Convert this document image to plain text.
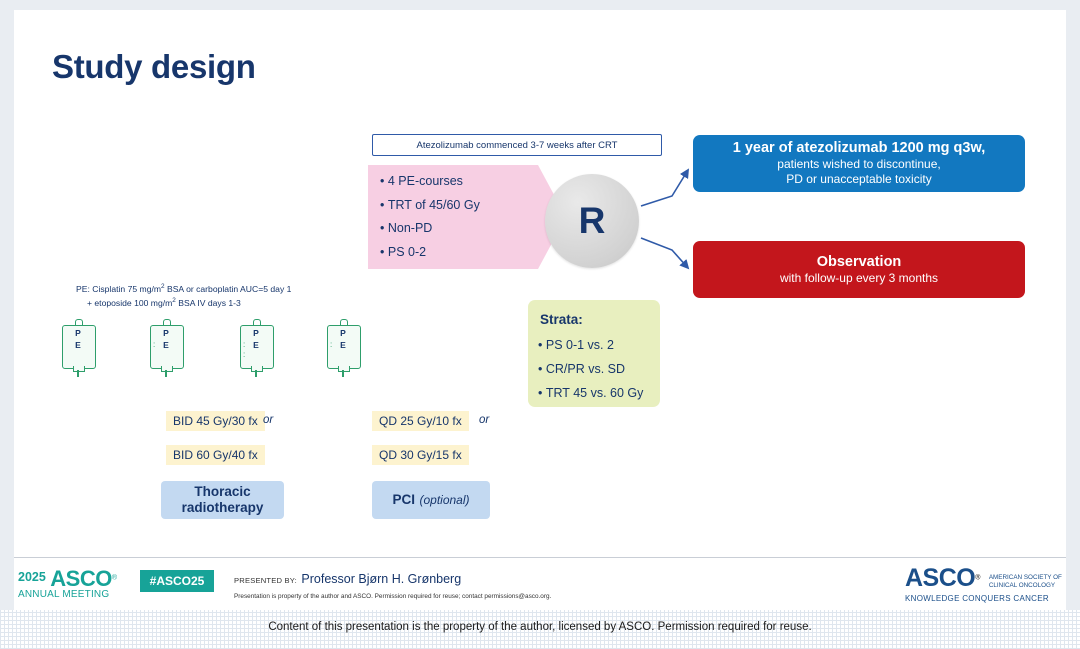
Study design
Atezolizumab commenced 3-7 weeks after CRT
• 4 PE-courses
• TRT of 45/60 Gy
• Non-PD
• PS 0-2
R
1 year of atezolizumab 1200 mg q3w,
patients wished to discontinue,
PD or unacceptable toxicity
Observation
with follow-up every 3 months
Strata:
• PS 0-1 vs. 2
• CR/PR vs. SD
• TRT 45 vs. 60 Gy
PE: Cisplatin 75 $mg/m^2$ BSA or carboplatin AUC=5 day 1
+ etoposide 100 $mg/m^2$ BSA IV days 1-3
P
E	:
P
E	:
:
P
E	:
P
E
BID 45 Gy/30 fx or
BID 60 Gy/40 fx
QD 25 Gy/10 fx	or
QD 30 Gy/15 fx
Thoracic
radiotherapy
PCI (optional)
2025 ASCO®
ANNUAL MEETING
#ASCO25	PRESENTED BY: Professor Bjørn H. Grønberg
Presentation is property of the author and ASCO. Permission required for reuse; contact permissions@asco.org.
ASCO® AMERICAN SOCIETY OF
CLINICAL ONCOLOGY
KNOWLEDGE CONQUERS CANCER
Content of this presentation is the property of the author, licensed by ASCO. Permission required for reuse.
